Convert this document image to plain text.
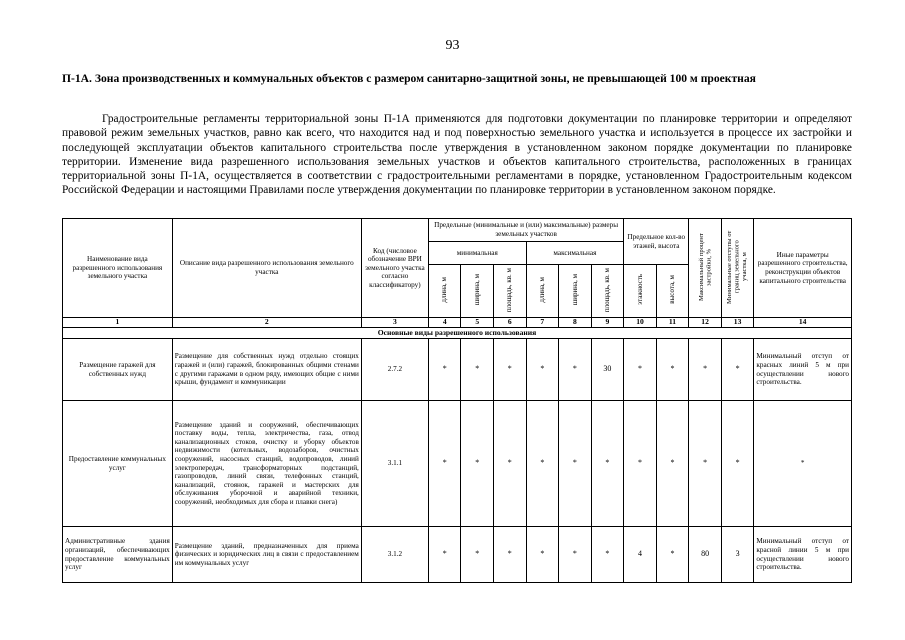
93
П-1А. Зона производственных и коммунальных объектов с размером санитарно-защитной зоны, не превышающей 100 м проектная
Градостроительные регламенты территориальной зоны П-1А применяются для подготовки документации по планировке территории и определяют правовой режим земельных участков, равно как всего, что находится над и под поверхностью земельного участка и используется в процессе их застройки и последующей эксплуатации объектов капитального строительства после утверждения в установленном законом порядке документации по планировке территории. Изменение вида разрешенного использования земельных участков и объектов капитального строительства, расположенных в границах территориальной зоны П-1А, осуществляется в соответствии с градостроительными регламентами в порядке, установленном Градостроительным кодексом Российской Федерации и настоящими Правилами после утверждения документации по планировке территории в установленном законом порядке.
Наименование вида разрешенного использования земельного участка	Описание вида разрешенного использования земельного участка	Код (числовое обозначение ВРИ земельного участка согласно классификатору)	Предельные (минимальные и (или) максимальные) размеры земельных участков						Предельное кол-во этажей, высота		Максимальный процент застройки, %	Минимальные отступы от границ земельного участка, м	Иные параметры разрешенного строительства, реконструкции объектов капитального строительства
			минимальная			максимальная							
			длина, м	ширина, м	площадь, кв. м	длина, м	ширина, м	площадь, кв. м	этажность	высота, м			
1	2	3	4	5	6	7	8	9	10	11	12	13	14
Основные виды разрешенного использования													
Размещение гаражей для собственных нужд	Размещение для собственных нужд отдельно стоящих гаражей и (или) гаражей, блокированных общими стенами с другими гаражами в одном ряду, имеющих общие с ними крыши, фундамент и коммуникации	2.7.2	*	*	*	*	*	30	*	*	*	*	Минимальный отступ от красных линий 5 м при осуществлении нового строительства.
Предоставление коммунальных услуг	Размещение зданий и сооружений, обеспечивающих поставку воды, тепла, электричества, газа, отвод канализационных стоков, очистку и уборку объектов недвижимости (котельных, водозаборов, очистных сооружений, насосных станций, водопроводов, линий электропередач, трансформаторных подстанций, газопроводов, линий связи, телефонных станций, канализаций, стоянок, гаражей и мастерских для обслуживания уборочной и аварийной техники, сооружений, необходимых для сбора и плавки снега)	3.1.1	*	*	*	*	*	*	*	*	*	*	*
Административные здания организаций, обеспечивающих предоставление коммунальных услуг	Размещение зданий, предназначенных для приема физических и юридических лиц в связи с предоставлением им коммунальных услуг	3.1.2	*	*	*	*	*	*	4	*	80	3	Минимальный отступ от красной линии 5 м при осуществлении нового строительства.
